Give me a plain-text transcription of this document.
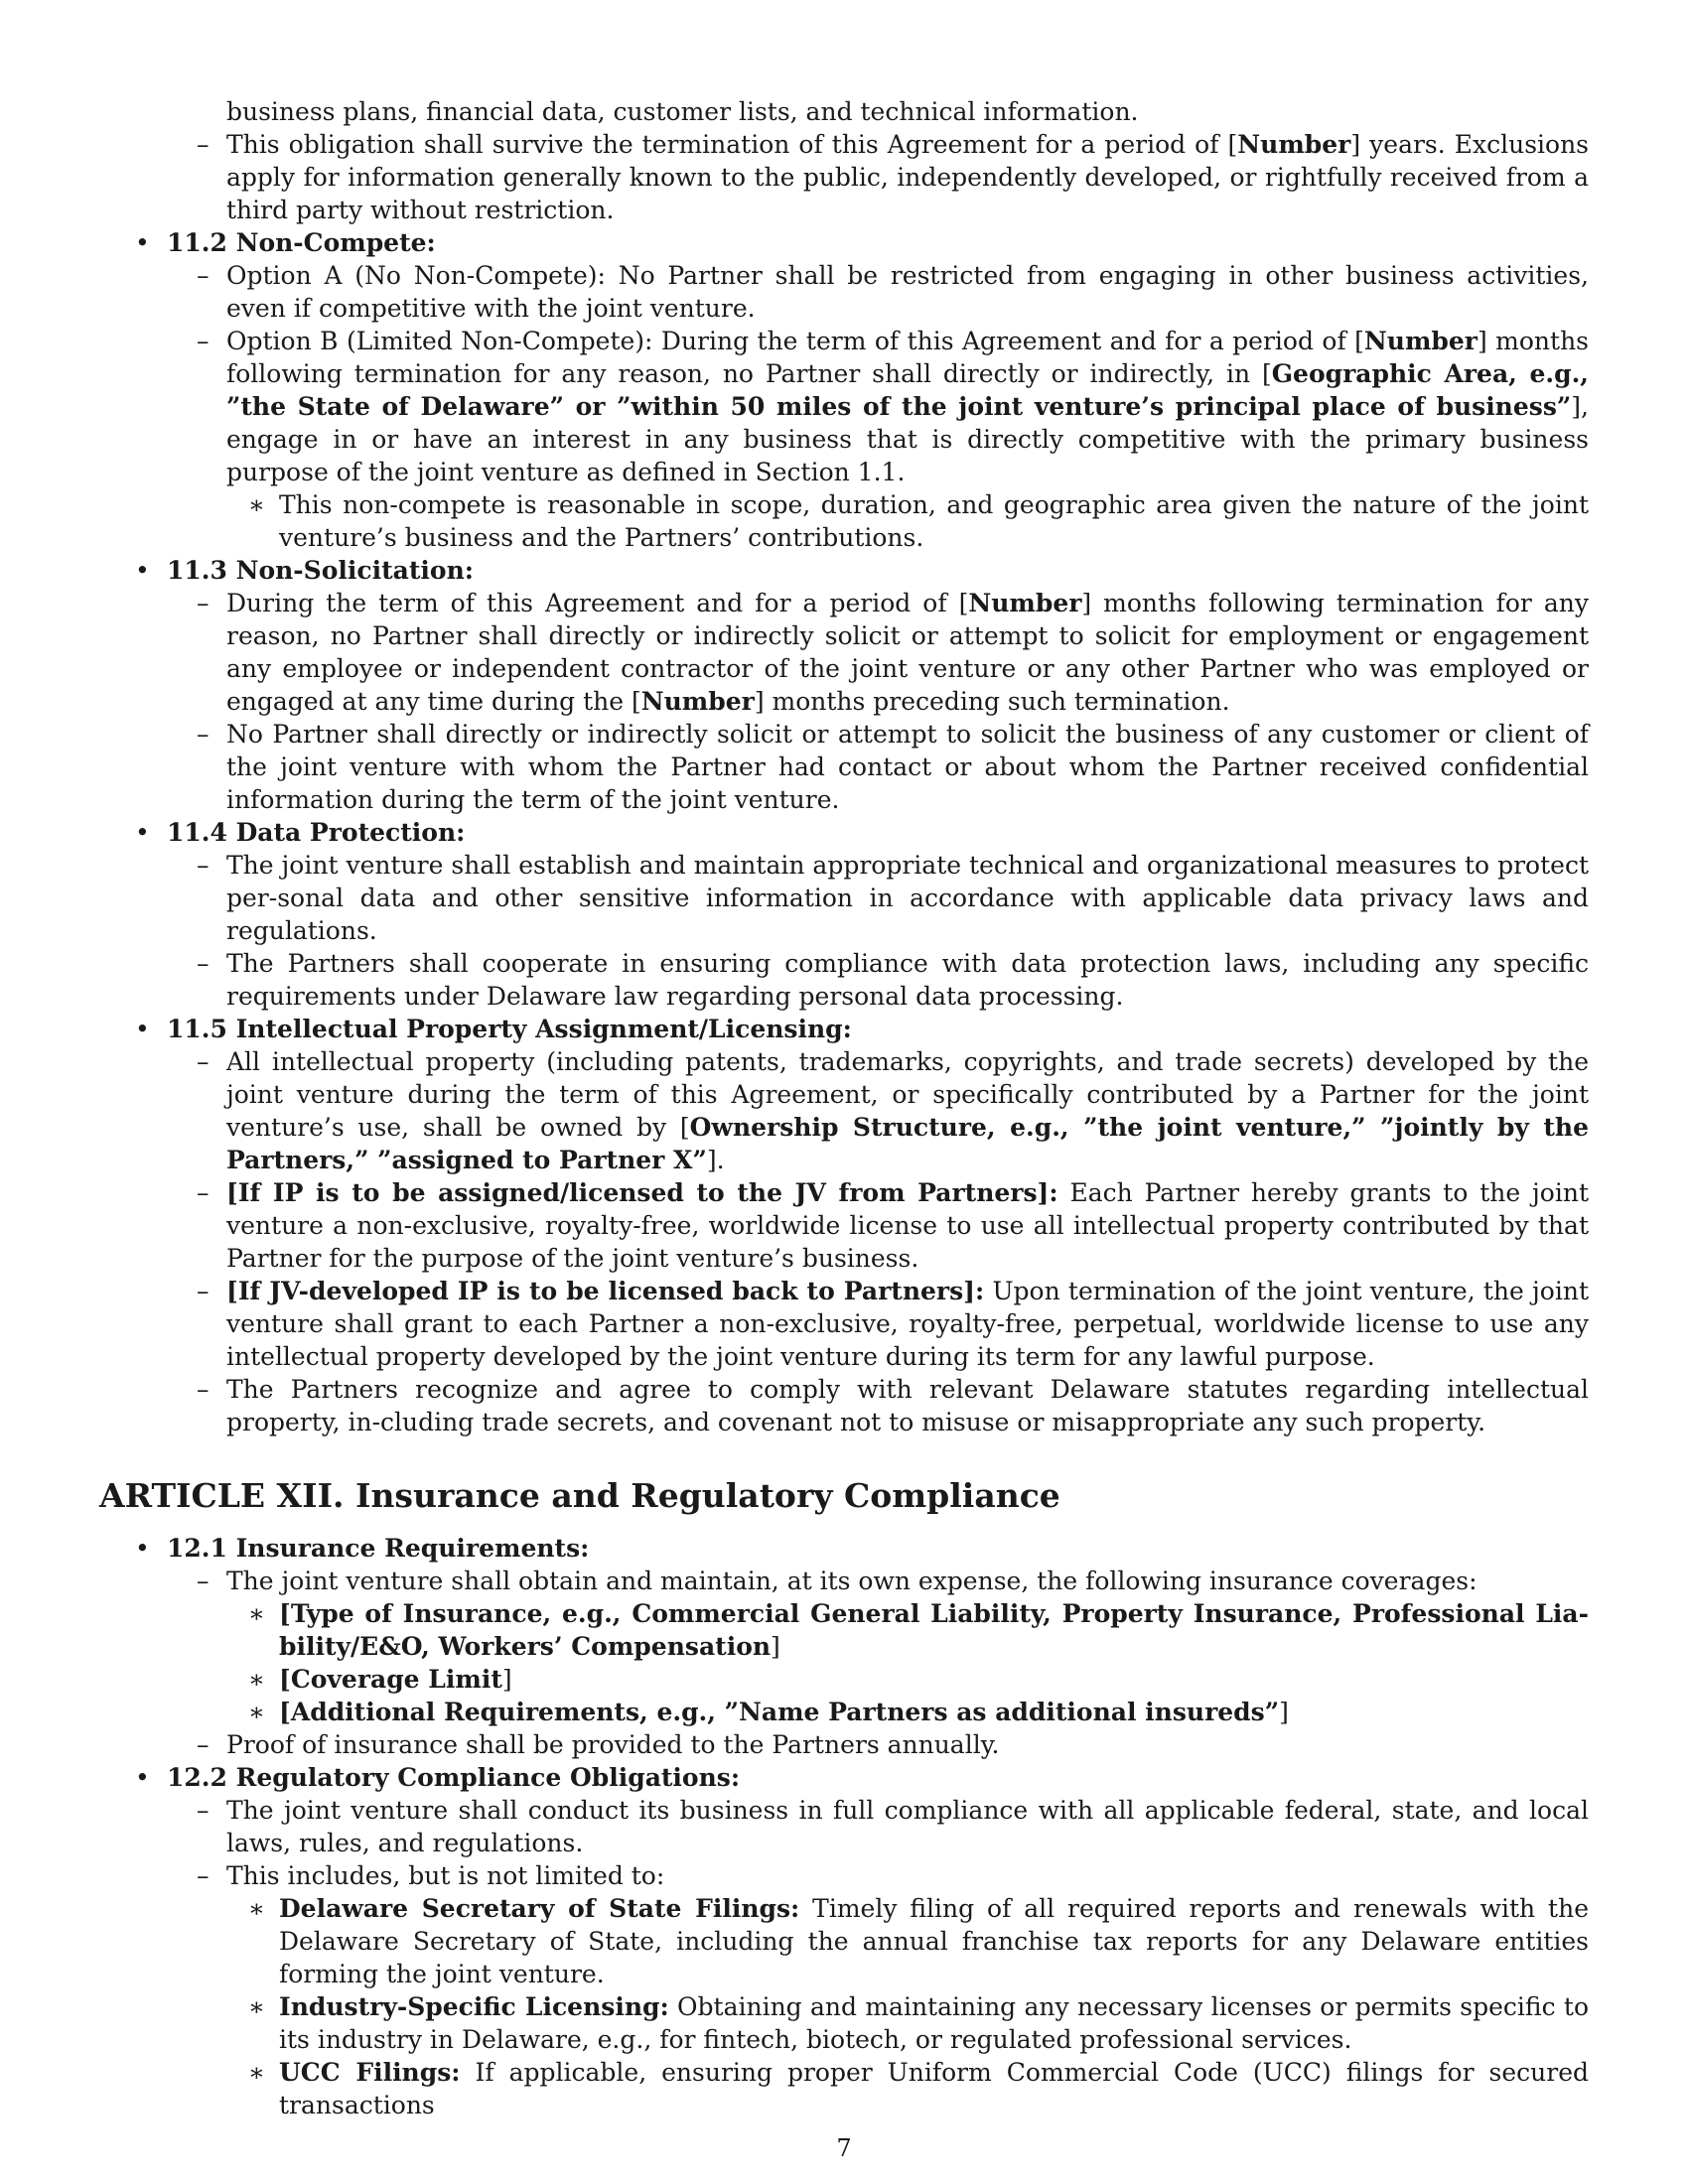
business plans, financial data, customer lists, and technical information.
– This obligation shall survive the termination of this Agreement for a period of [Number] years. Exclusions apply for information generally known to the public, independently developed, or rightfully received from a third party without restriction.
• 11.2 Non-Compete:
– Option A (No Non-Compete): No Partner shall be restricted from engaging in other business activities, even if competitive with the joint venture.
– Option B (Limited Non-Compete): During the term of this Agreement and for a period of [Number] months following termination for any reason, no Partner shall directly or indirectly, in [Geographic Area, e.g., ”the State of Delaware” or ”within 50 miles of the joint venture’s principal place of business”], engage in or have an interest in any business that is directly competitive with the primary business purpose of the joint venture as defined in Section 1.1.
∗ This non-compete is reasonable in scope, duration, and geographic area given the nature of the joint venture’s business and the Partners’ contributions.
• 11.3 Non-Solicitation:
– During the term of this Agreement and for a period of [Number] months following termination for any reason, no Partner shall directly or indirectly solicit or attempt to solicit for employment or engagement any employee or independent contractor of the joint venture or any other Partner who was employed or engaged at any time during the [Number] months preceding such termination.
– No Partner shall directly or indirectly solicit or attempt to solicit the business of any customer or client of the joint venture with whom the Partner had contact or about whom the Partner received confidential information during the term of the joint venture.
• 11.4 Data Protection:
– The joint venture shall establish and maintain appropriate technical and organizational measures to protect per-sonal data and other sensitive information in accordance with applicable data privacy laws and regulations.
– The Partners shall cooperate in ensuring compliance with data protection laws, including any specific requirements under Delaware law regarding personal data processing.
• 11.5 Intellectual Property Assignment/Licensing:
– All intellectual property (including patents, trademarks, copyrights, and trade secrets) developed by the joint venture during the term of this Agreement, or specifically contributed by a Partner for the joint venture’s use, shall be owned by [Ownership Structure, e.g., ”the joint venture,” ”jointly by the Partners,” ”assigned to Partner X”].
– [If IP is to be assigned/licensed to the JV from Partners]: Each Partner hereby grants to the joint venture a non-exclusive, royalty-free, worldwide license to use all intellectual property contributed by that Partner for the purpose of the joint venture’s business.
– [If JV-developed IP is to be licensed back to Partners]: Upon termination of the joint venture, the joint venture shall grant to each Partner a non-exclusive, royalty-free, perpetual, worldwide license to use any intellectual property developed by the joint venture during its term for any lawful purpose.
– The Partners recognize and agree to comply with relevant Delaware statutes regarding intellectual property, in-cluding trade secrets, and covenant not to misuse or misappropriate any such property.
ARTICLE XII. Insurance and Regulatory Compliance
• 12.1 Insurance Requirements:
– The joint venture shall obtain and maintain, at its own expense, the following insurance coverages:
∗ [Type of Insurance, e.g., Commercial General Liability, Property Insurance, Professional Lia-bility/E&O, Workers’ Compensation]
∗ [Coverage Limit]
∗ [Additional Requirements, e.g., ”Name Partners as additional insureds”]
– Proof of insurance shall be provided to the Partners annually.
• 12.2 Regulatory Compliance Obligations:
– The joint venture shall conduct its business in full compliance with all applicable federal, state, and local laws, rules, and regulations.
– This includes, but is not limited to:
∗ Delaware Secretary of State Filings: Timely filing of all required reports and renewals with the Delaware Secretary of State, including the annual franchise tax reports for any Delaware entities forming the joint venture.
∗ Industry-Specific Licensing: Obtaining and maintaining any necessary licenses or permits specific to its industry in Delaware, e.g., for fintech, biotech, or regulated professional services.
∗ UCC Filings: If applicable, ensuring proper Uniform Commercial Code (UCC) filings for secured transactions
7
